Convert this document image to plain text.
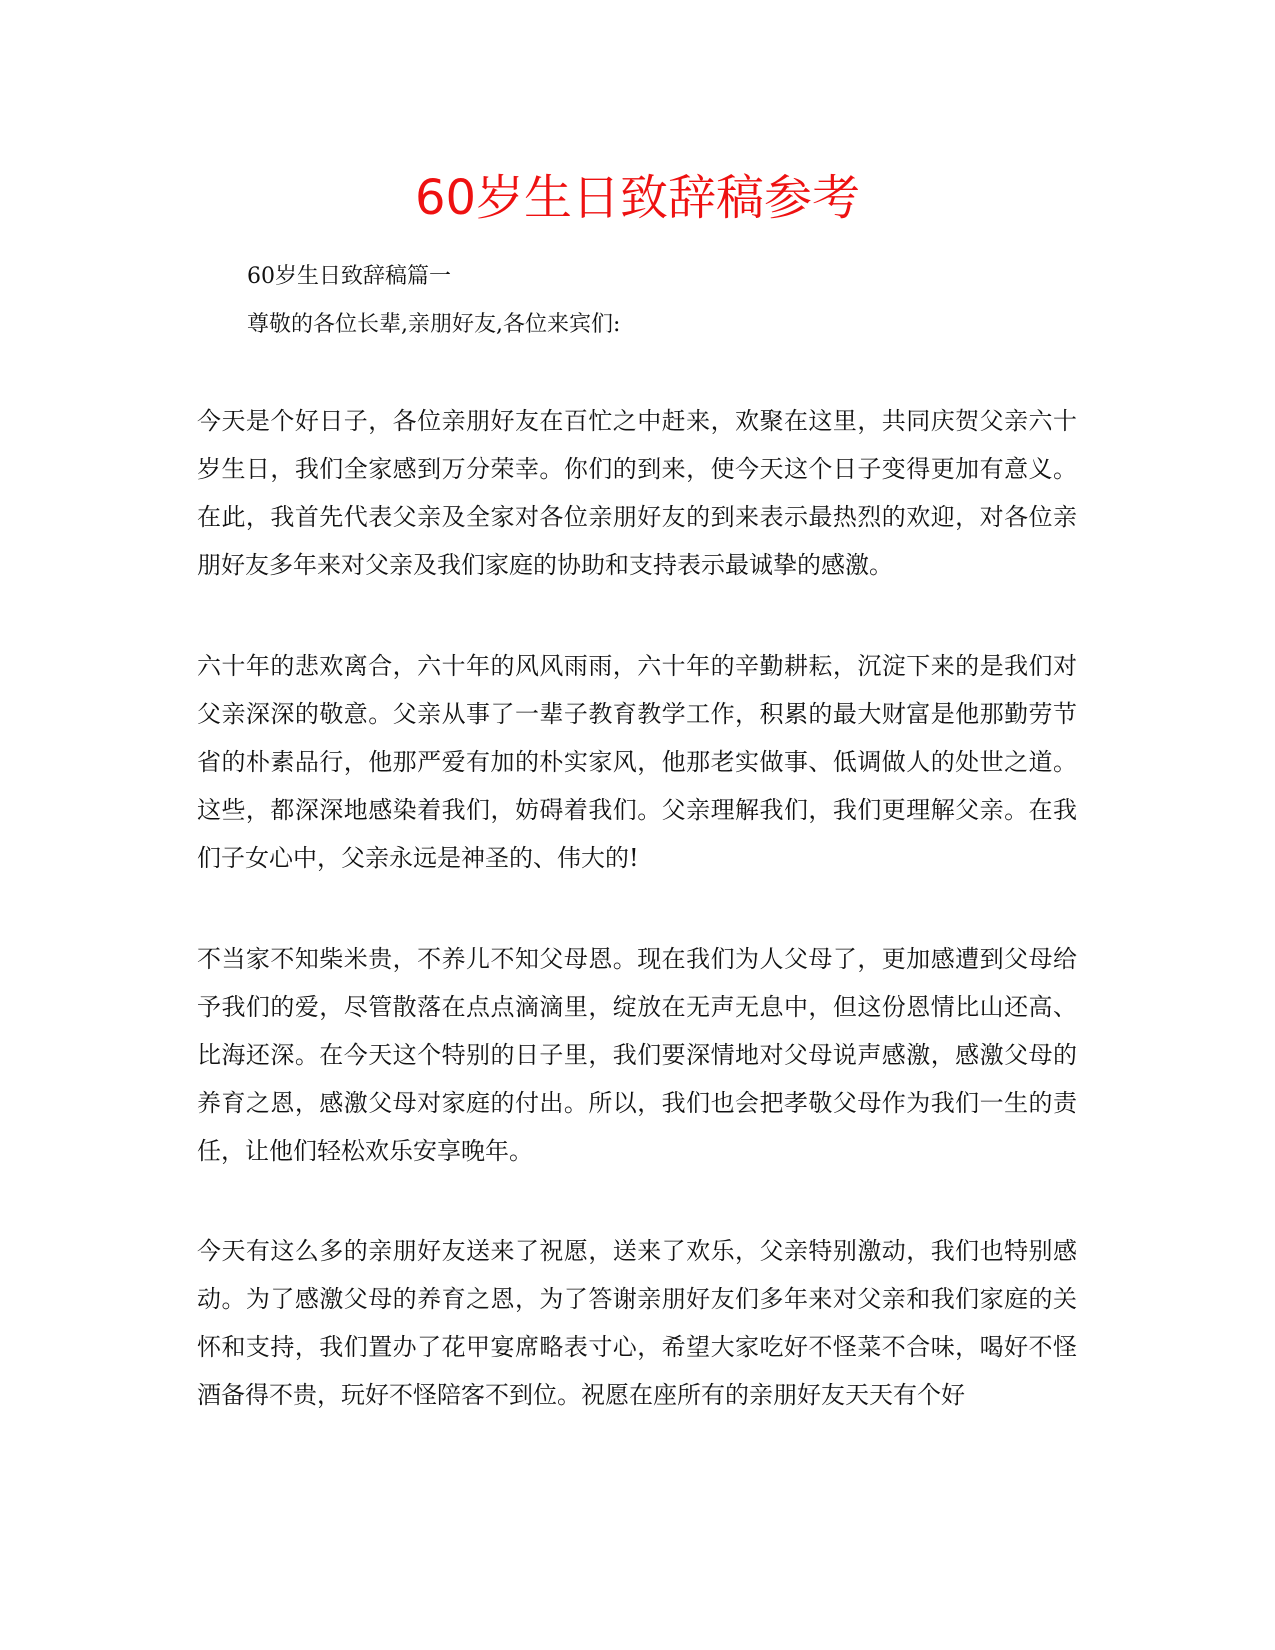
60岁生日致辞稿参考

60岁生日致辞稿篇一

尊敬的各位长辈,亲朋好友,各位来宾们:

今天是个好日子，各位亲朋好友在百忙之中赶来，欢聚在这里，共同庆贺父亲六十岁生日，我们全家感到万分荣幸。你们的到来，使今天这个日子变得更加有意义。在此，我首先代表父亲及全家对各位亲朋好友的到来表示最热烈的欢迎，对各位亲朋好友多年来对父亲及我们家庭的协助和支持表示最诚挚的感激。

六十年的悲欢离合，六十年的风风雨雨，六十年的辛勤耕耘，沉淀下来的是我们对父亲深深的敬意。父亲从事了一辈子教育教学工作，积累的最大财富是他那勤劳节省的朴素品行，他那严爱有加的朴实家风，他那老实做事、低调做人的处世之道。这些，都深深地感染着我们，妨碍着我们。父亲理解我们，我们更理解父亲。在我们子女心中，父亲永远是神圣的、伟大的!

不当家不知柴米贵，不养儿不知父母恩。现在我们为人父母了，更加感遭到父母给予我们的爱，尽管散落在点点滴滴里，绽放在无声无息中，但这份恩情比山还高、比海还深。在今天这个特别的日子里，我们要深情地对父母说声感激，感激父母的养育之恩，感激父母对家庭的付出。所以，我们也会把孝敬父母作为我们一生的责任，让他们轻松欢乐安享晚年。

今天有这么多的亲朋好友送来了祝愿，送来了欢乐，父亲特别激动，我们也特别感动。为了感激父母的养育之恩，为了答谢亲朋好友们多年来对父亲和我们家庭的关怀和支持，我们置办了花甲宴席略表寸心，希望大家吃好不怪菜不合味，喝好不怪酒备得不贵，玩好不怪陪客不到位。祝愿在座所有的亲朋好友天天有个好
